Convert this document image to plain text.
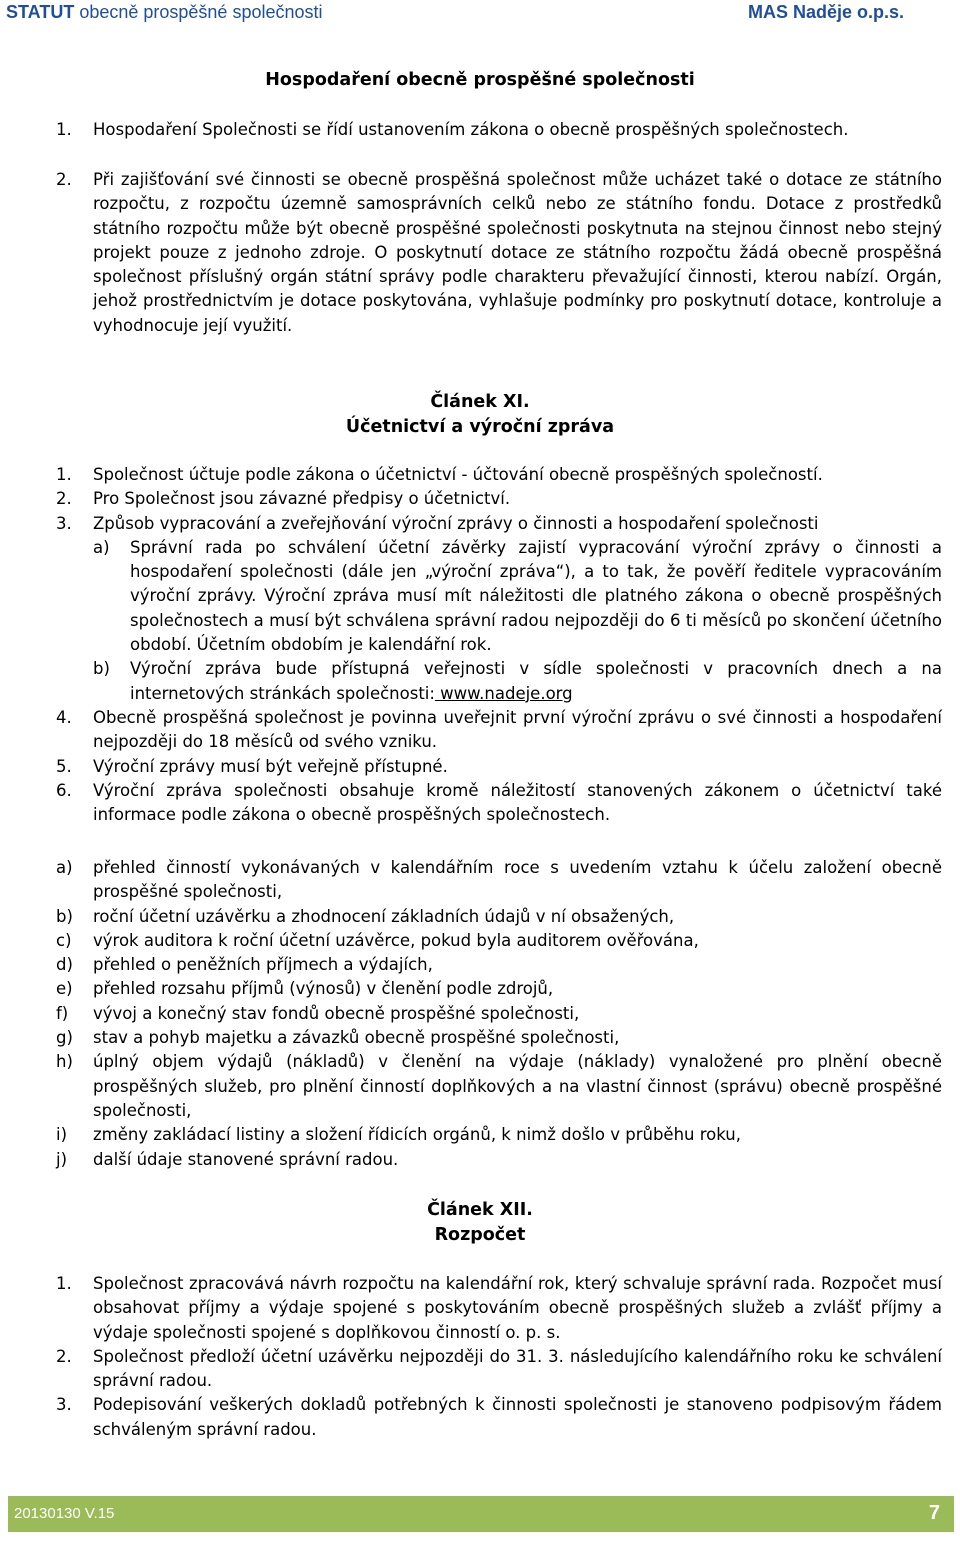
STATUT obecně prospěšné společnosti	MAS Naděje o.p.s.
Hospodaření obecně prospěšné společnosti
1. Hospodaření Společnosti se řídí ustanovením zákona o obecně prospěšných společnostech.
2. Při zajišťování své činnosti se obecně prospěšná společnost může ucházet také o dotace ze státního rozpočtu, z rozpočtu územně samosprávních celků nebo ze státního fondu. Dotace z prostředků státního rozpočtu může být obecně prospěšné společnosti poskytnuta na stejnou činnost nebo stejný projekt pouze z jednoho zdroje. O poskytnutí dotace ze státního rozpočtu žádá obecně prospěšná společnost příslušný orgán státní správy podle charakteru převažující činnosti, kterou nabízí. Orgán, jehož prostřednictvím je dotace poskytována, vyhlašuje podmínky pro poskytnutí dotace, kontroluje a vyhodnocuje její využití.
Článek XI.
Účetnictví a výroční zpráva
1. Společnost účtuje podle zákona o účetnictví - účtování obecně prospěšných společností.
2. Pro Společnost jsou závazné předpisy o účetnictví.
3. Způsob vypracování a zveřejňování výroční zprávy o činnosti a hospodaření společnosti
a) Správní rada po schválení účetní závěrky zajistí vypracování výroční zprávy o činnosti a hospodaření společnosti (dále jen „výroční zpráva“), a to tak, že pověří ředitele vypracováním výroční zprávy. Výroční zpráva musí mít náležitosti dle platného zákona o obecně prospěšných společnostech a musí být schválena správní radou nejpozději do 6 ti měsíců po skončení účetního období. Účetním obdobím je kalendářní rok.
b) Výroční zpráva bude přístupná veřejnosti v sídle společnosti v pracovních dnech a na internetových stránkách společnosti: www.nadeje.org
4. Obecně prospěšná společnost je povinna uveřejnit první výroční zprávu o své činnosti a hospodaření nejpozději do 18 měsíců od svého vzniku.
5. Výroční zprávy musí být veřejně přístupné.
6. Výroční zpráva společnosti obsahuje kromě náležitostí stanovených zákonem o účetnictví také informace podle zákona o obecně prospěšných společnostech.
a) přehled činností vykonávaných v kalendářním roce s uvedením vztahu k účelu založení obecně prospěšné společnosti,
b) roční účetní uzávěrku a zhodnocení základních údajů v ní obsažených,
c) výrok auditora k roční účetní uzávěrce, pokud byla auditorem ověřována,
d) přehled o peněžních příjmech a výdajích,
e) přehled rozsahu příjmů (výnosů) v členění podle zdrojů,
f) vývoj a konečný stav fondů obecně prospěšné společnosti,
g) stav a pohyb majetku a závazků obecně prospěšné společnosti,
h) úplný objem výdajů (nákladů) v členění na výdaje (náklady) vynaložené pro plnění obecně prospěšných služeb, pro plnění činností doplňkových a na vlastní činnost (správu) obecně prospěšné společnosti,
i) změny zakládací listiny a složení řídicích orgánů, k nimž došlo v průběhu roku,
j) další údaje stanovené správní radou.
Článek XII.
Rozpočet
1. Společnost zpracovává návrh rozpočtu na kalendářní rok, který schvaluje správní rada. Rozpočet musí obsahovat příjmy a výdaje spojené s poskytováním obecně prospěšných služeb a zvlášť příjmy a výdaje společnosti spojené s doplňkovou činností o. p. s.
2. Společnost předloží účetní uzávěrku nejpozději do 31. 3. následujícího kalendářního roku ke schválení správní radou.
3. Podepisování veškerých dokladů potřebných k činnosti společnosti je stanoveno podpisovým řádem schváleným správní radou.
20130130 V.15	7
